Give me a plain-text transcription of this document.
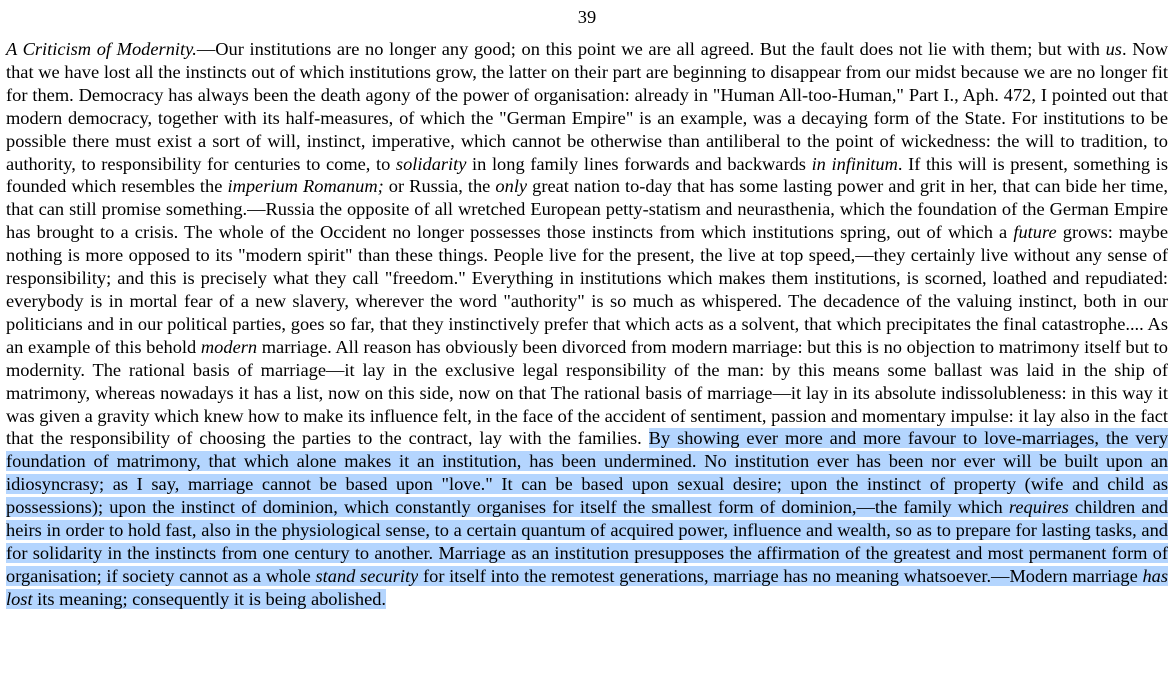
39

A Criticism of Modernity.—Our institutions are no longer any good; on this point we are all agreed. But the fault does not lie with them; but with us. Now that we have lost all the instincts out of which institutions grow, the latter on their part are beginning to disappear from our midst because we are no longer fit for them. Democracy has always been the death agony of the power of organisation: already in "Human All-too-Human," Part I., Aph. 472, I pointed out that modern democracy, together with its half-measures, of which the "German Empire" is an example, was a decaying form of the State. For institutions to be possible there must exist a sort of will, instinct, imperative, which cannot be otherwise than antiliberal to the point of wickedness: the will to tradition, to authority, to responsibility for centuries to come, to solidarity in long family lines forwards and backwards in infinitum. If this will is present, something is founded which resembles the imperium Romanum; or Russia, the only great nation to-day that has some lasting power and grit in her, that can bide her time, that can still promise something.—Russia the opposite of all wretched European petty-statism and neurasthenia, which the foundation of the German Empire has brought to a crisis. The whole of the Occident no longer possesses those instincts from which institutions spring, out of which a future grows: maybe nothing is more opposed to its "modern spirit" than these things. People live for the present, the live at top speed,—they certainly live without any sense of responsibility; and this is precisely what they call "freedom." Everything in institutions which makes them institutions, is scorned, loathed and repudiated: everybody is in mortal fear of a new slavery, wherever the word "authority" is so much as whispered. The decadence of the valuing instinct, both in our politicians and in our political parties, goes so far, that they instinctively prefer that which acts as a solvent, that which precipitates the final catastrophe.... As an example of this behold modern marriage. All reason has obviously been divorced from modern marriage: but this is no objection to matrimony itself but to modernity. The rational basis of marriage—it lay in the exclusive legal responsibility of the man: by this means some ballast was laid in the ship of matrimony, whereas nowadays it has a list, now on this side, now on that The rational basis of marriage—it lay in its absolute indissolubleness: in this way it was given a gravity which knew how to make its influence felt, in the face of the accident of sentiment, passion and momentary impulse: it lay also in the fact that the responsibility of choosing the parties to the contract, lay with the families. By showing ever more and more favour to love-marriages, the very foundation of matrimony, that which alone makes it an institution, has been undermined. No institution ever has been nor ever will be built upon an idiosyncrasy; as I say, marriage cannot be based upon "love." It can be based upon sexual desire; upon the instinct of property (wife and child as possessions); upon the instinct of dominion, which constantly organises for itself the smallest form of dominion,—the family which requires children and heirs in order to hold fast, also in the physiological sense, to a certain quantum of acquired power, influence and wealth, so as to prepare for lasting tasks, and for solidarity in the instincts from one century to another. Marriage as an institution presupposes the affirmation of the greatest and most permanent form of organisation; if society cannot as a whole stand security for itself into the remotest generations, marriage has no meaning whatsoever.—Modern marriage has lost its meaning; consequently it is being abolished.
